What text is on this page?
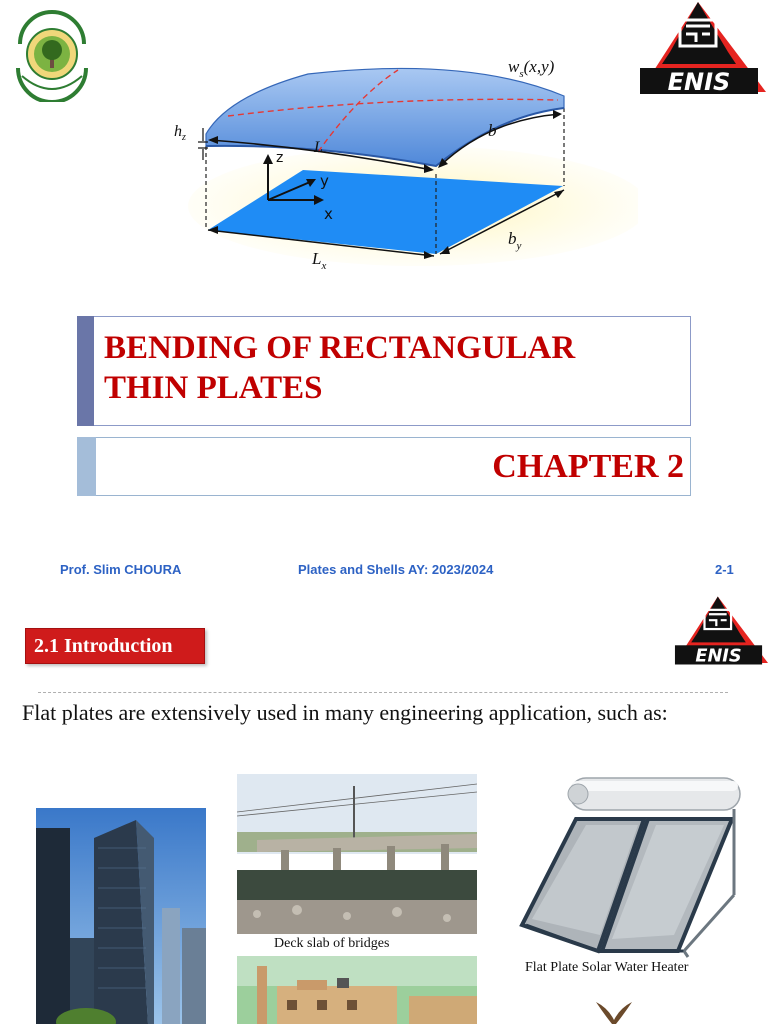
ENIS
$w_s(x,y)$
$h_z$
L
b
z
y
x
$L_x$
$b_y$
BENDING OF RECTANGULAR
THIN PLATES
CHAPTER 2
Prof. Slim CHOURA	Plates and Shells AY: 2023/2024	2-1
2.1 Introduction	ENIS
Flat plates are extensively used in many engineering application, such as:
Deck slab of bridges
Flat Plate Solar Water Heater
